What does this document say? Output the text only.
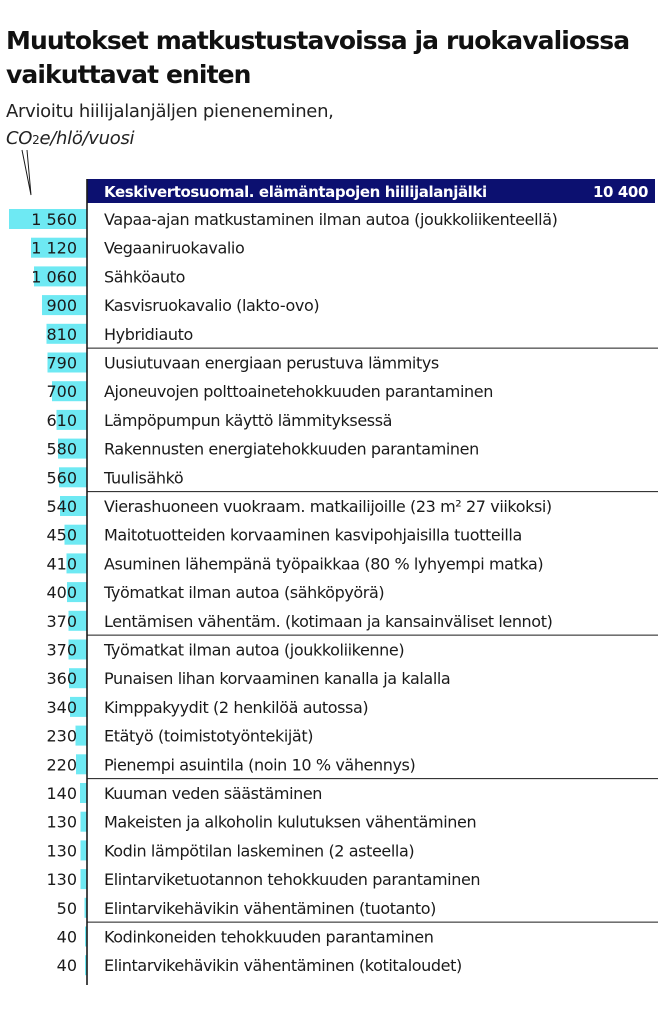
Muutokset matkustustavoissa ja ruokavaliossa vaikuttavat eniten
Arvioitu hiilijalanjäljen pieneneminen,
CO2e/hlö/vuosi
Keskivertosuomal. elämäntapojen hiilijalanjälki	10 400
1 560 Vapaa-ajan matkustaminen ilman autoa (joukkoliikenteellä)
1 120 Vegaaniruokavalio
1 060 Sähköauto
900 Kasvisruokavalio (lakto-ovo)
810 Hybridiauto
790 Uusiutuvaan energiaan perustuva lämmitys
700 Ajoneuvojen polttoainetehokkuuden parantaminen
610 Lämpöpumpun käyttö lämmityksessä
580 Rakennusten energiatehokkuuden parantaminen
560 Tuulisähkö
540 Vierashuoneen vuokraam. matkailijoille (23 m² 27 viikoksi)
450 Maitotuotteiden korvaaminen kasvipohjaisilla tuotteilla
410 Asuminen lähempänä työpaikkaa (80 % lyhyempi matka)
400 Työmatkat ilman autoa (sähköpyörä)
370 Lentämisen vähentäm. (kotimaan ja kansainväliset lennot)
370 Työmatkat ilman autoa (joukkoliikenne)
360 Punaisen lihan korvaaminen kanalla ja kalalla
340 Kimppakyydit (2 henkilöä autossa)
230 Etätyö (toimistotyöntekijät)
220 Pienempi asuintila (noin 10 % vähennys)
140 Kuuman veden säästäminen
130 Makeisten ja alkoholin kulutuksen vähentäminen
130 Kodin lämpötilan laskeminen (2 asteella)
130 Elintarviketuotannon tehokkuuden parantaminen
50 Elintarvikehävikin vähentäminen (tuotanto)
40 Kodinkoneiden tehokkuuden parantaminen
40 Elintarvikehävikin vähentäminen (kotitaloudet)
